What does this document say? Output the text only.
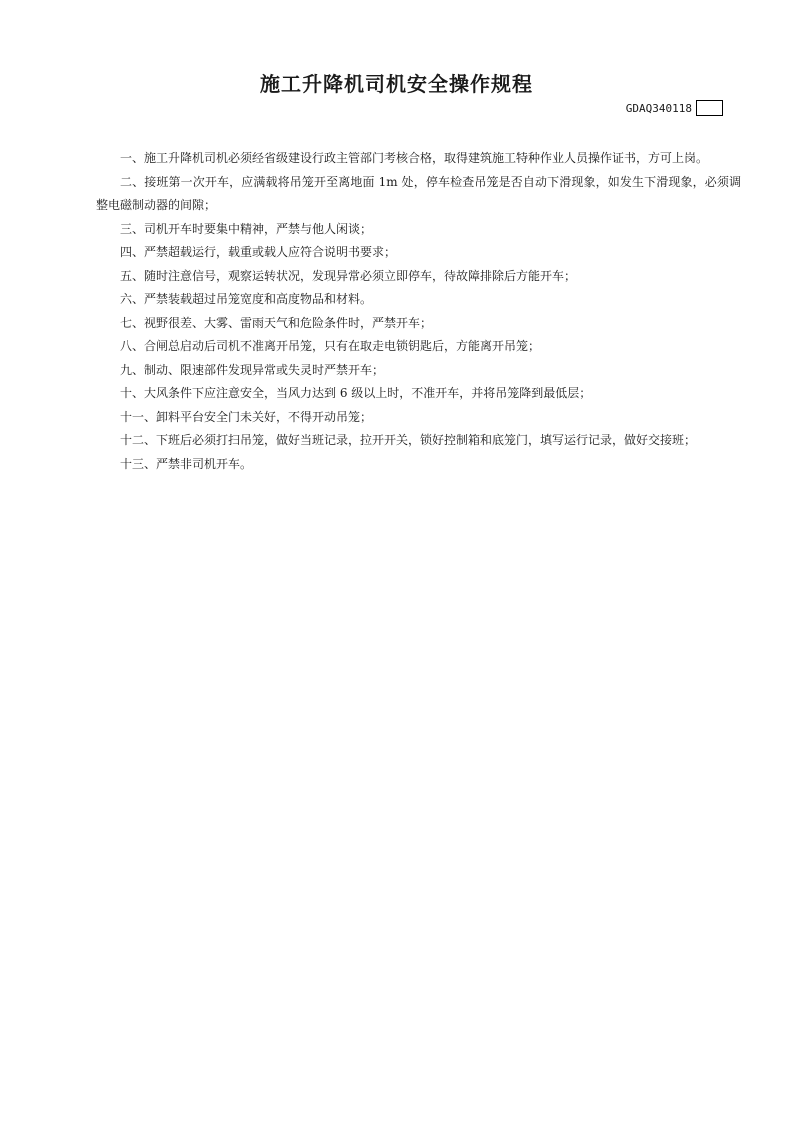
施工升降机司机安全操作规程
GDAQ340118

一、施工升降机司机必须经省级建设行政主管部门考核合格，取得建筑施工特种作业人员操作证书，方可上岗。

二、接班第一次开车，应满载将吊笼开至离地面 1m 处，停车检查吊笼是否自动下滑现象，如发生下滑现象，必须调整电磁制动器的间隙；

三、司机开车时要集中精神，严禁与他人闲谈；

四、严禁超载运行，载重或载人应符合说明书要求；

五、随时注意信号，观察运转状况，发现异常必须立即停车，待故障排除后方能开车；

六、严禁装载超过吊笼宽度和高度物品和材料。

七、视野很差、大雾、雷雨天气和危险条件时，严禁开车；

八、合闸总启动后司机不准离开吊笼，只有在取走电锁钥匙后，方能离开吊笼；

九、制动、限速部件发现异常或失灵时严禁开车；

十、大风条件下应注意安全，当风力达到 6 级以上时，不准开车，并将吊笼降到最低层；

十一、卸料平台安全门未关好，不得开动吊笼；

十二、下班后必须打扫吊笼，做好当班记录，拉开开关，锁好控制箱和底笼门，填写运行记录，做好交接班；

十三、严禁非司机开车。
